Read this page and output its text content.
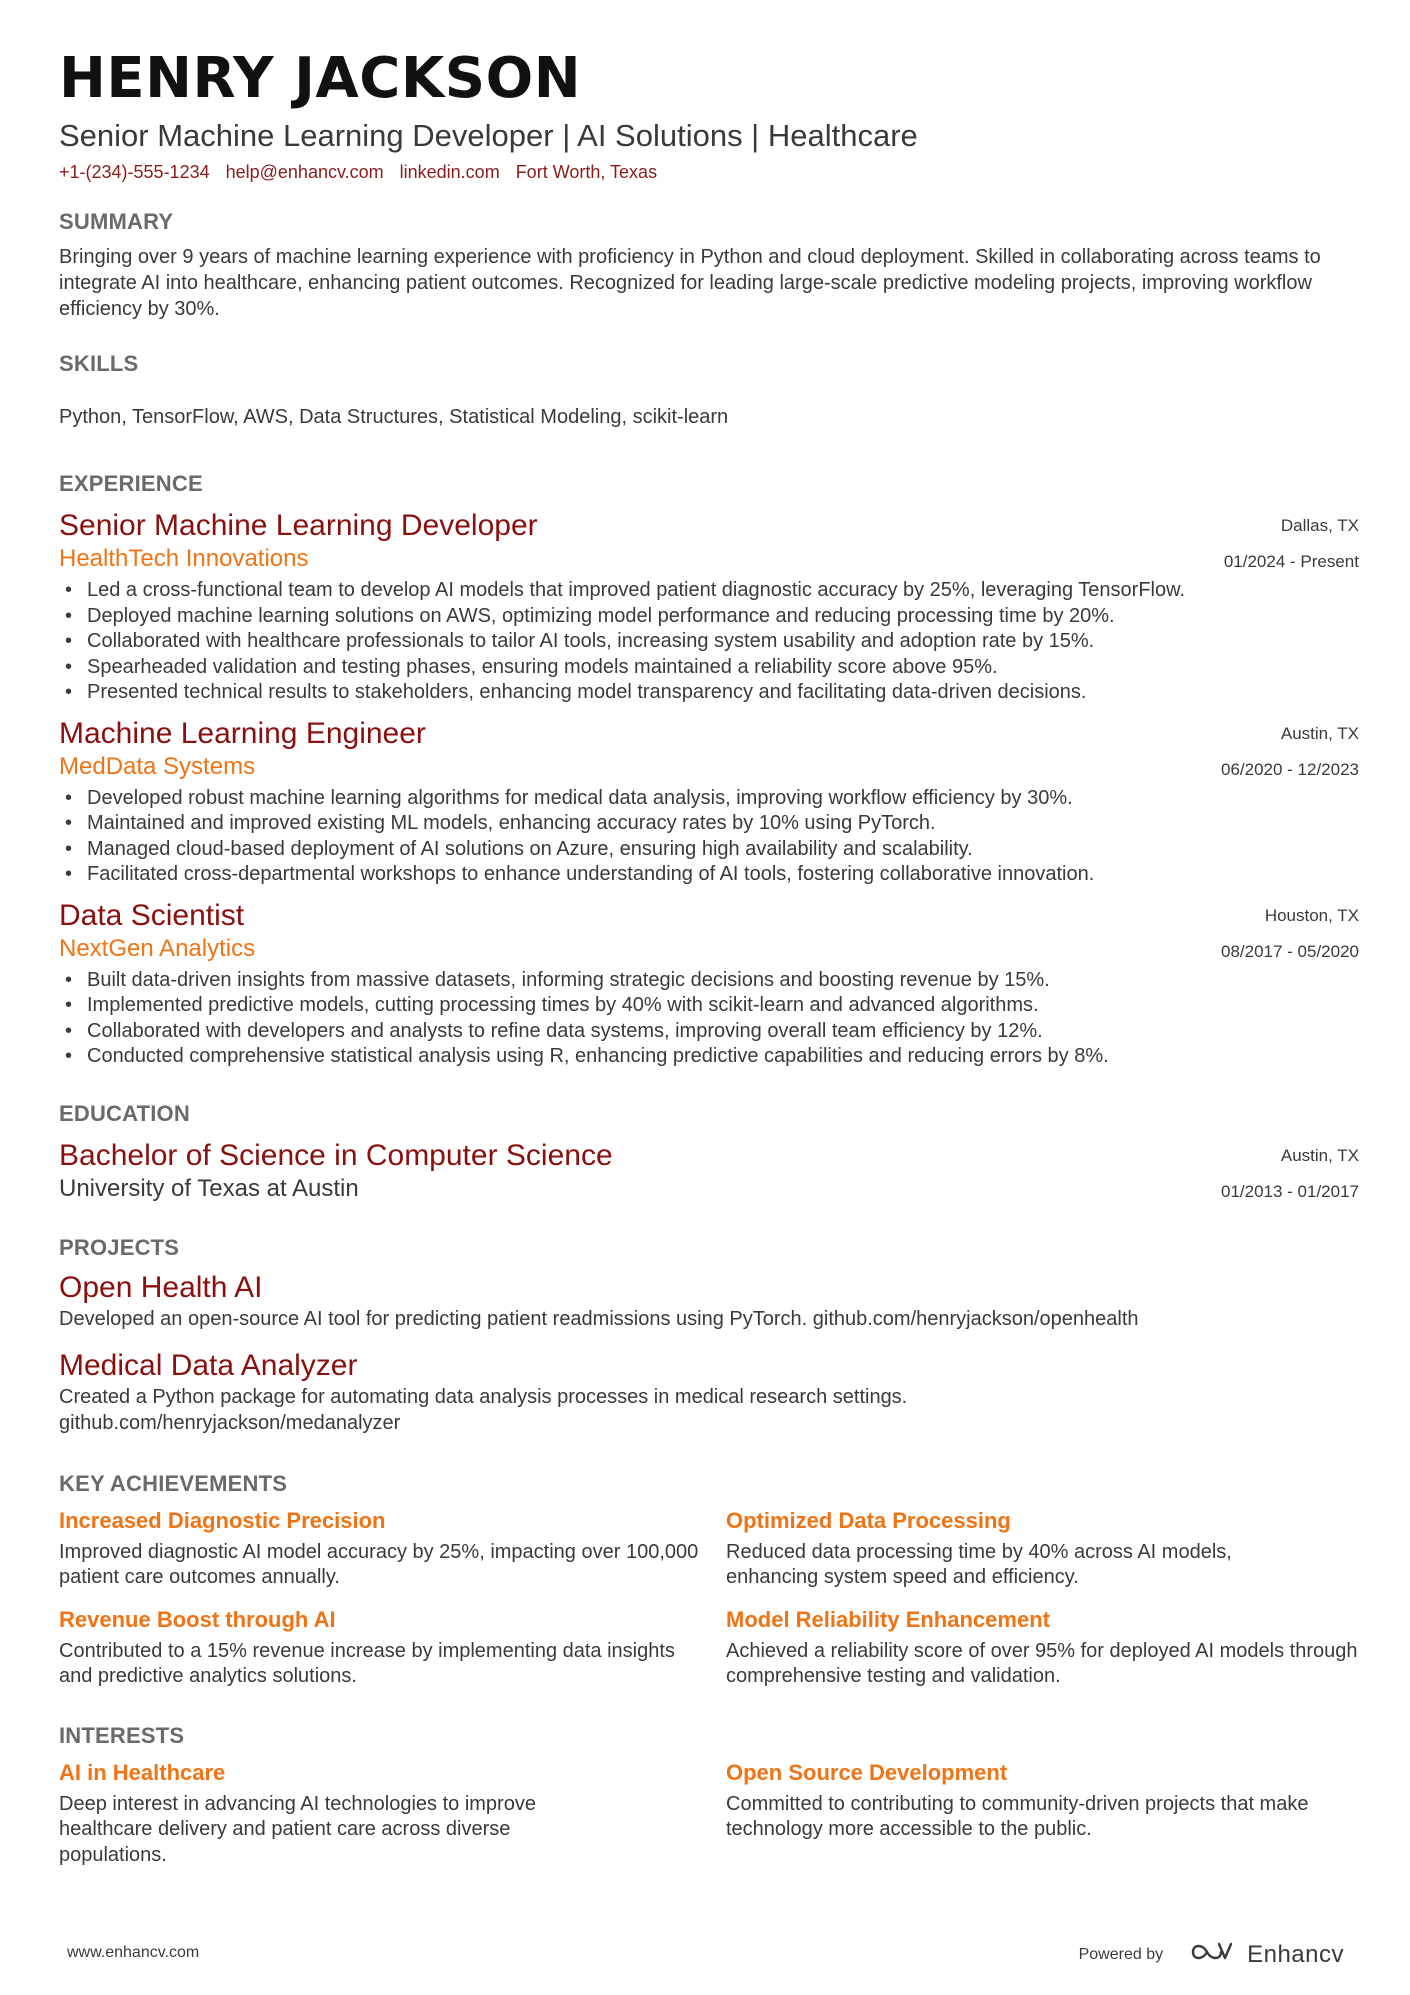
HENRY JACKSON
Senior Machine Learning Developer | AI Solutions | Healthcare
+1-(234)-555-1234 help@enhancv.com linkedin.com Fort Worth, Texas
SUMMARY
Bringing over 9 years of machine learning experience with proficiency in Python and cloud deployment. Skilled in collaborating across teams to integrate AI into healthcare, enhancing patient outcomes. Recognized for leading large-scale predictive modeling projects, improving workflow efficiency by 30%.
SKILLS
Python, TensorFlow, AWS, Data Structures, Statistical Modeling, scikit-learn
EXPERIENCE
Senior Machine Learning Developer
HealthTech Innovations
Dallas, TX
01/2024 - Present
• Led a cross-functional team to develop AI models that improved patient diagnostic accuracy by 25%, leveraging TensorFlow.
• Deployed machine learning solutions on AWS, optimizing model performance and reducing processing time by 20%.
• Collaborated with healthcare professionals to tailor AI tools, increasing system usability and adoption rate by 15%.
• Spearheaded validation and testing phases, ensuring models maintained a reliability score above 95%.
• Presented technical results to stakeholders, enhancing model transparency and facilitating data-driven decisions.
Machine Learning Engineer
MedData Systems
Austin, TX
06/2020 - 12/2023
• Developed robust machine learning algorithms for medical data analysis, improving workflow efficiency by 30%.
• Maintained and improved existing ML models, enhancing accuracy rates by 10% using PyTorch.
• Managed cloud-based deployment of AI solutions on Azure, ensuring high availability and scalability.
• Facilitated cross-departmental workshops to enhance understanding of AI tools, fostering collaborative innovation.
Data Scientist
NextGen Analytics
Houston, TX
08/2017 - 05/2020
• Built data-driven insights from massive datasets, informing strategic decisions and boosting revenue by 15%.
• Implemented predictive models, cutting processing times by 40% with scikit-learn and advanced algorithms.
• Collaborated with developers and analysts to refine data systems, improving overall team efficiency by 12%.
• Conducted comprehensive statistical analysis using R, enhancing predictive capabilities and reducing errors by 8%.
EDUCATION
Bachelor of Science in Computer Science
University of Texas at Austin
Austin, TX
01/2013 - 01/2017
PROJECTS
Open Health AI
Developed an open-source AI tool for predicting patient readmissions using PyTorch. github.com/henryjackson/openhealth
Medical Data Analyzer
Created a Python package for automating data analysis processes in medical research settings. github.com/henryjackson/medanalyzer
KEY ACHIEVEMENTS
Increased Diagnostic Precision
Improved diagnostic AI model accuracy by 25%, impacting over 100,000 patient care outcomes annually.
Optimized Data Processing
Reduced data processing time by 40% across AI models, enhancing system speed and efficiency.
Revenue Boost through AI
Contributed to a 15% revenue increase by implementing data insights and predictive analytics solutions.
Model Reliability Enhancement
Achieved a reliability score of over 95% for deployed AI models through comprehensive testing and validation.
INTERESTS
AI in Healthcare
Deep interest in advancing AI technologies to improve healthcare delivery and patient care across diverse populations.
Open Source Development
Committed to contributing to community-driven projects that make technology more accessible to the public.
www.enhancv.com	Powered by	Enhancv
